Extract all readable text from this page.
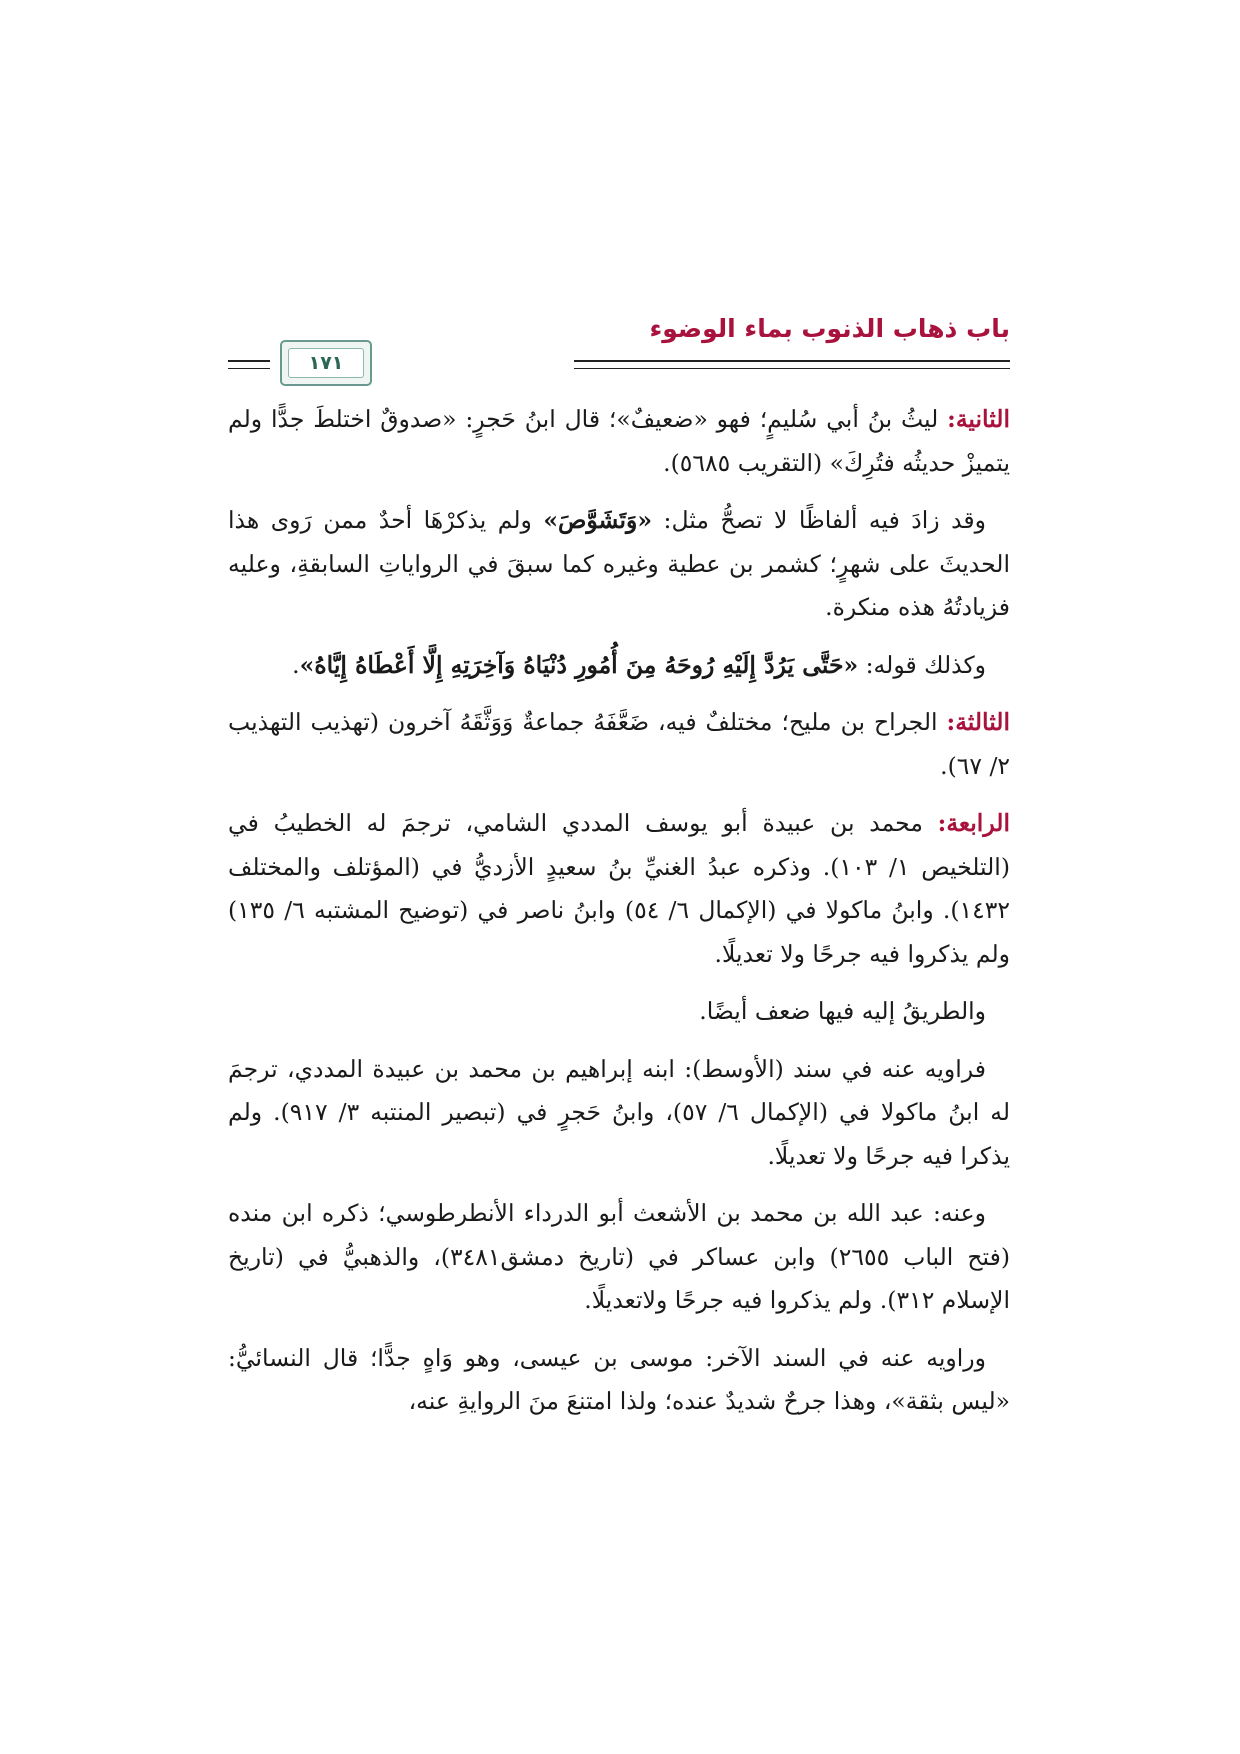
باب ذهاب الذنوب بماء الوضوء
١٧١

الثانية: ليثُ بنُ أبي سُليمٍ؛ فهو «ضعيفٌ»؛ قال ابنُ حَجرٍ: «صدوقٌ اختلطَ جدًّا ولم يتميزْ حديثُه فتُرِكَ» (التقريب ٥٦٨٥).

وقد زادَ فيه ألفاظًا لا تصحُّ مثل: «وَتَشَوَّصَ» ولم يذكرْهَا أحدٌ ممن رَوى هذا الحديثَ على شهرٍ؛ كشمر بن عطية وغيره كما سبقَ في الرواياتِ السابقةِ، وعليه فزيادتُهُ هذه منكرة.

وكذلك قوله: «حَتَّى يَرُدَّ إِلَيْهِ رُوحَهُ مِنَ أُمُورِ دُنْيَاهُ وَآخِرَتِهِ إِلَّا أَعْطَاهُ إِيَّاهُ».

الثالثة: الجراح بن مليح؛ مختلفٌ فيه، ضَعَّفَهُ جماعةٌ وَوَثَّقَهُ آخرون (تهذيب التهذيب ٢/ ٦٧).

الرابعة: محمد بن عبيدة أبو يوسف المددي الشامي، ترجمَ له الخطيبُ في (التلخيص ١/ ١٠٣). وذكره عبدُ الغنيِّ بنُ سعيدٍ الأزديُّ في (المؤتلف والمختلف ١٤٣٢). وابنُ ماكولا في (الإكمال ٦/ ٥٤) وابنُ ناصر في (توضيح المشتبه ٦/ ١٣٥) ولم يذكروا فيه جرحًا ولا تعديلًا.

والطريقُ إليه فيها ضعف أيضًا.

فراويه عنه في سند (الأوسط): ابنه إبراهيم بن محمد بن عبيدة المددي، ترجمَ له ابنُ ماكولا في (الإكمال ٦/ ٥٧)، وابنُ حَجرٍ في (تبصير المنتبه ٣/ ٩١٧). ولم يذكرا فيه جرحًا ولا تعديلًا.

وعنه: عبد الله بن محمد بن الأشعث أبو الدرداء الأنطرطوسي؛ ذكره ابن منده (فتح الباب ٢٦٥٥) وابن عساكر في (تاريخ دمشق٣٤٨١)، والذهبيُّ في (تاريخ الإسلام ٣١٢). ولم يذكروا فيه جرحًا ولاتعديلًا.

وراويه عنه في السند الآخر: موسى بن عيسى، وهو وَاهٍ جدًّا؛ قال النسائيُّ: «ليس بثقة»، وهذا جرحٌ شديدٌ عنده؛ ولذا امتنعَ منَ الروايةِ عنه،
